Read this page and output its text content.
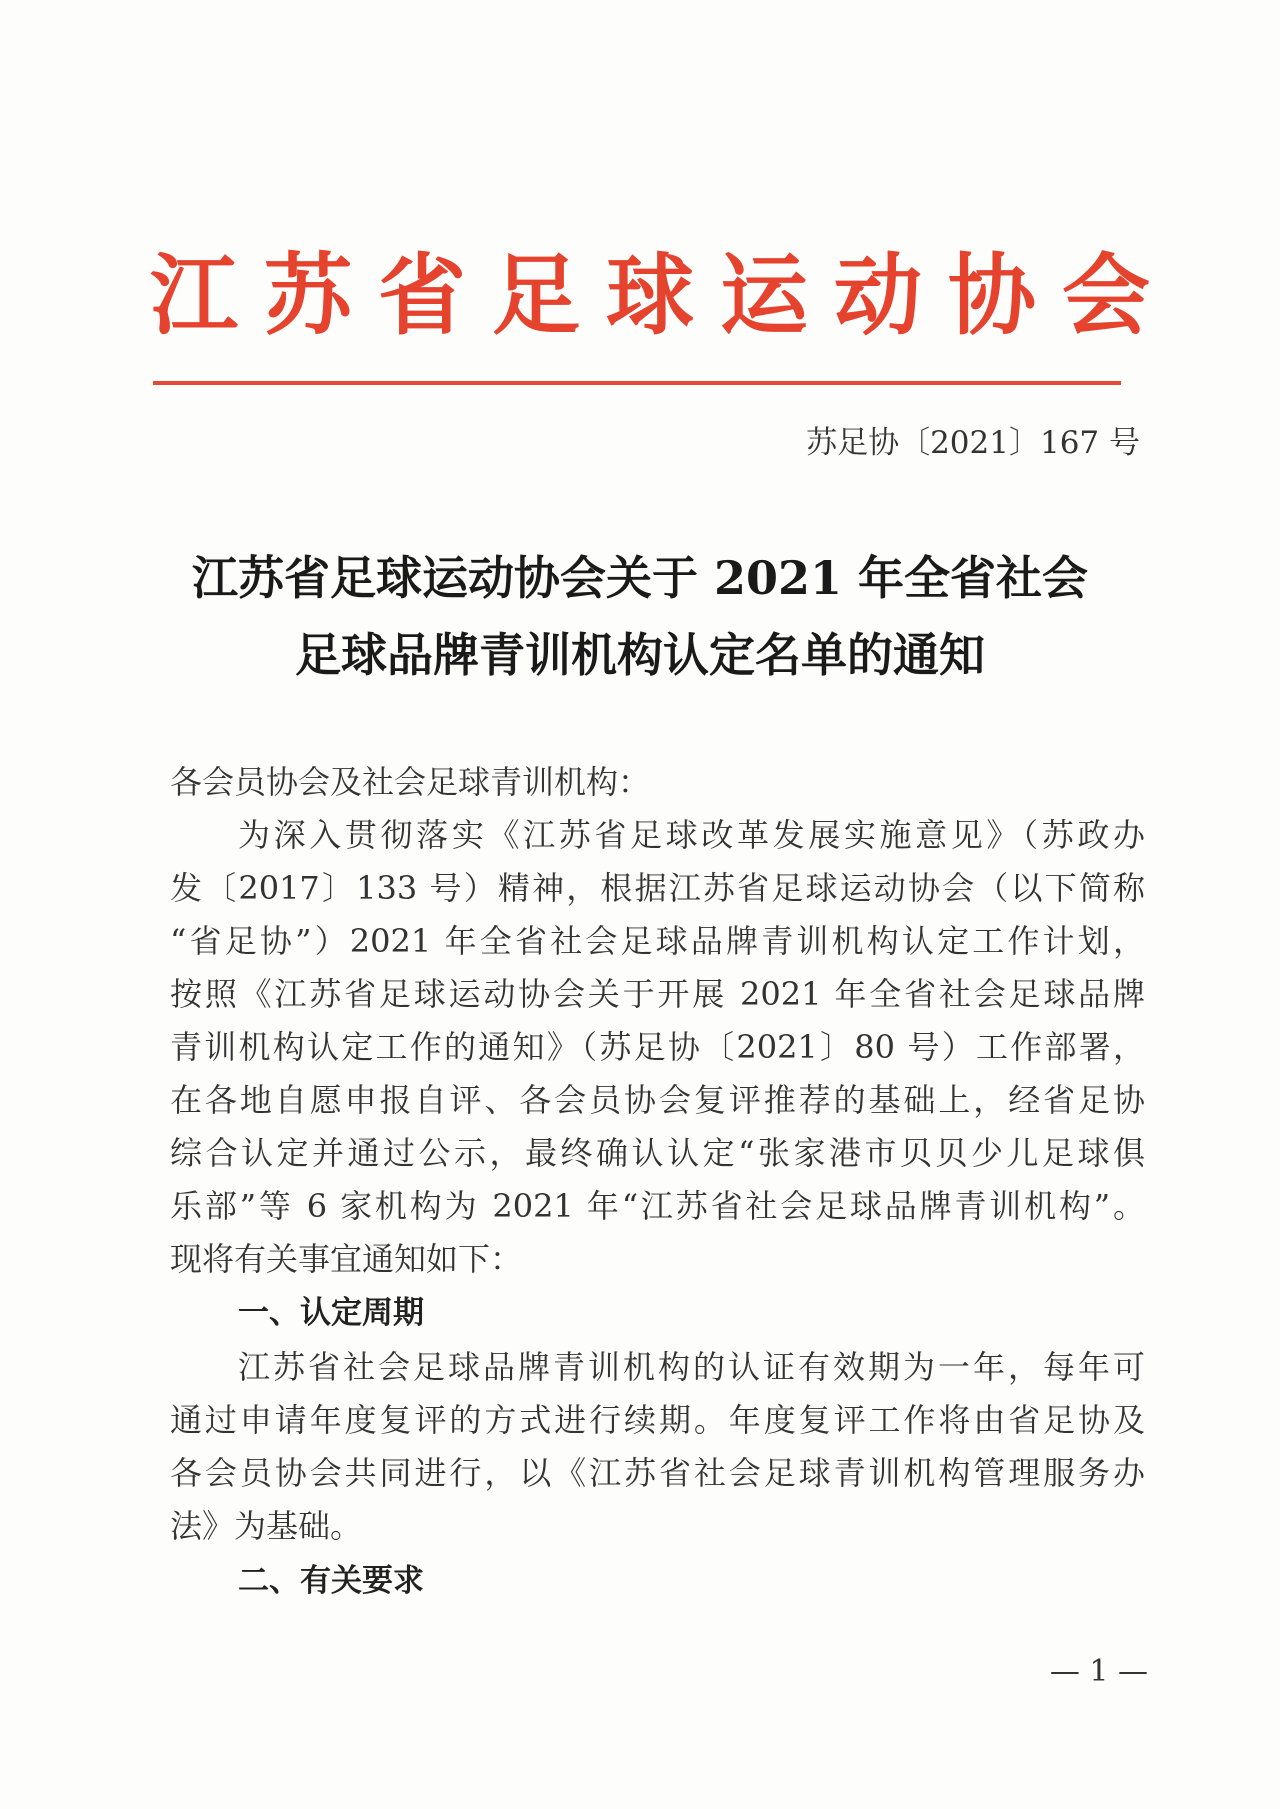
江苏省足球运动协会
苏足协〔2021〕167 号
江苏省足球运动协会关于 2021 年全省社会
足球品牌青训机构认定名单的通知
各会员协会及社会足球青训机构：
为深入贯彻落实《江苏省足球改革发展实施意见》（苏政办
发〔2017〕133 号）精神，根据江苏省足球运动协会（以下简称
“省足协”）2021 年全省社会足球品牌青训机构认定工作计划，
按照《江苏省足球运动协会关于开展 2021 年全省社会足球品牌
青训机构认定工作的通知》（苏足协〔2021〕80 号）工作部署，
在各地自愿申报自评、各会员协会复评推荐的基础上，经省足协
综合认定并通过公示，最终确认认定“张家港市贝贝少儿足球俱
乐部”等 6 家机构为 2021 年“江苏省社会足球品牌青训机构”。
现将有关事宜通知如下：
一、认定周期
江苏省社会足球品牌青训机构的认证有效期为一年，每年可
通过申请年度复评的方式进行续期。年度复评工作将由省足协及
各会员协会共同进行，以《江苏省社会足球青训机构管理服务办
法》为基础。
二、有关要求
— 1 —
